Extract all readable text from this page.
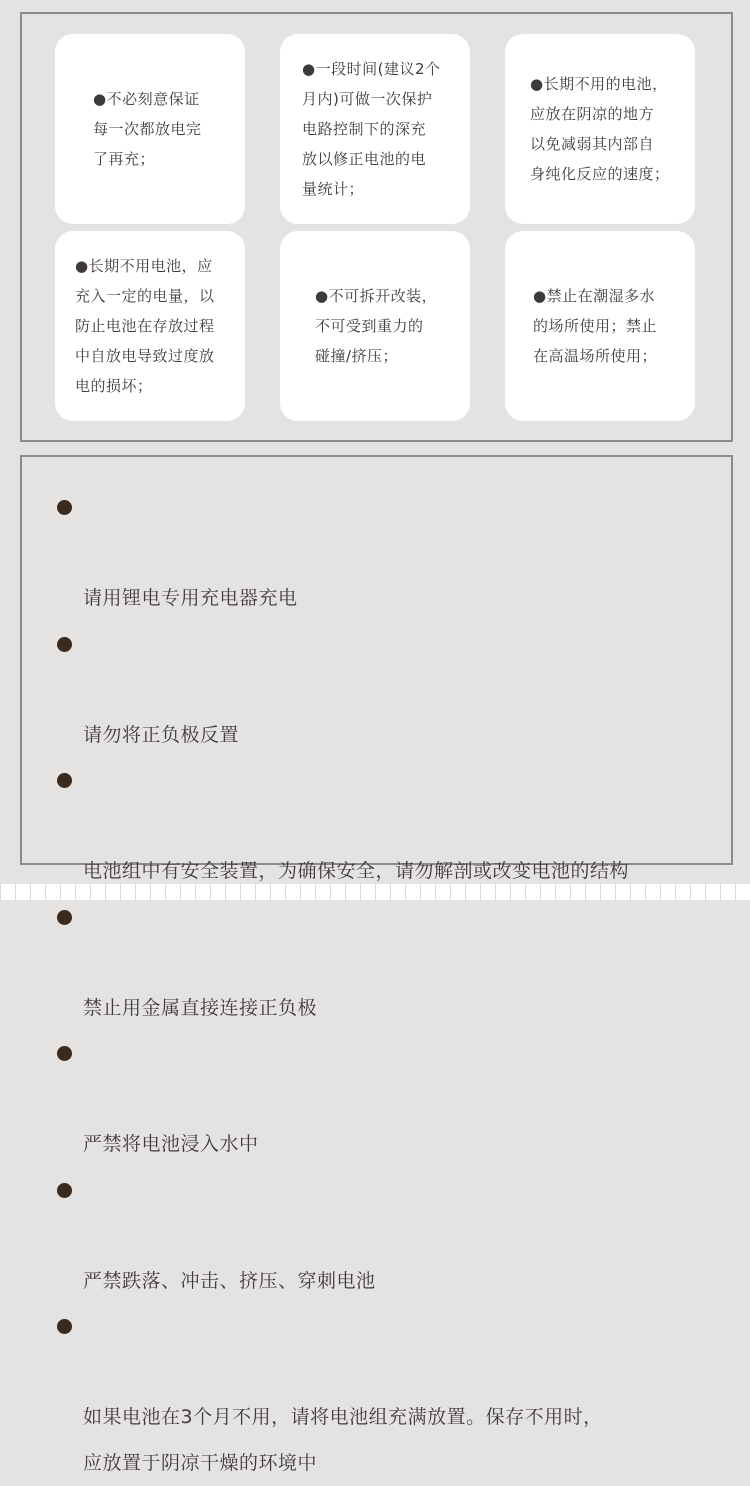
●不必刻意保证
每一次都放电完
了再充；
●一段时间(建议2个
月内)可做一次保护
电路控制下的深充
放以修正电池的电
量统计；
●长期不用的电池，
应放在阴凉的地方
以免减弱其内部自
身纯化反应的速度；
●长期不用电池，应
充入一定的电量，以
防止电池在存放过程
中自放电导致过度放
电的损坏；
●不可拆开改装，
不可受到重力的
碰撞/挤压；
●禁止在潮湿多水
的场所使用；禁止
在高温场所使用；

请用锂电专用充电器充电

请勿将正负极反置

电池组中有安全装置，为确保安全，请勿解剖或改变电池的结构

禁止用金属直接连接正负极

严禁将电池浸入水中

严禁跌落、冲击、挤压、穿刺电池

如果电池在3个月不用，请将电池组充满放置。保存不用时，
应放置于阴凉干燥的环境中
